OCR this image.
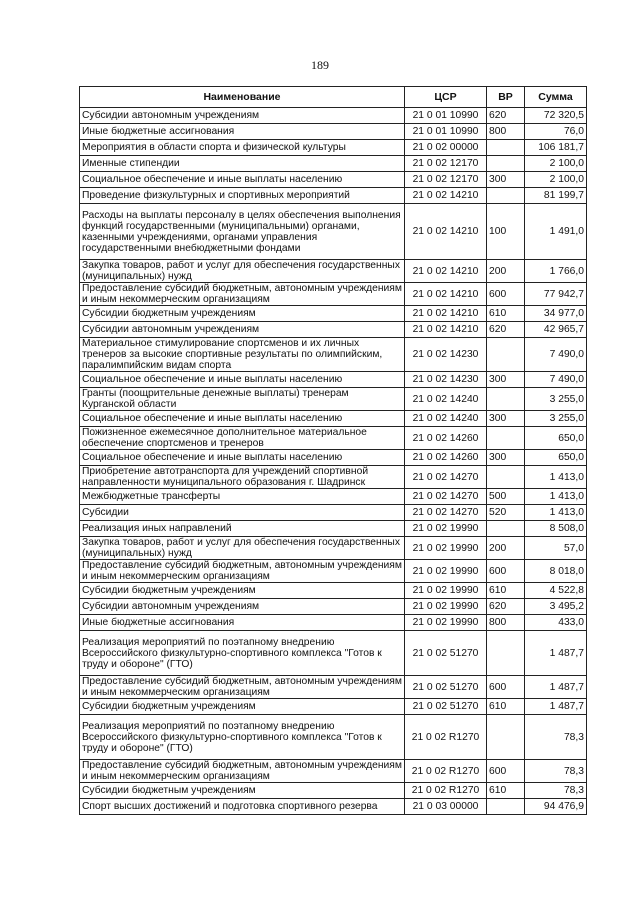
189
Наименование	ЦСР	ВР	Сумма
Субсидии автономным учреждениям	21 0 01 10990	620	72 320,5
Иные бюджетные ассигнования	21 0 01 10990	800	76,0
Мероприятия в области спорта и физической культуры	21 0 02 00000		106 181,7
Именные стипендии	21 0 02 12170		2 100,0
Социальное обеспечение и иные выплаты населению	21 0 02 12170	300	2 100,0
Проведение физкультурных и спортивных мероприятий	21 0 02 14210		81 199,7
Расходы на выплаты персоналу в целях обеспечения выполнения функций государственными (муниципальными) органами, казенными учреждениями, органами управления государственными внебюджетными фондами	21 0 02 14210	100	1 491,0
Закупка товаров, работ и услуг для обеспечения государственных (муниципальных) нужд	21 0 02 14210	200	1 766,0
Предоставление субсидий бюджетным, автономным учреждениям и иным некоммерческим организациям	21 0 02 14210	600	77 942,7
Субсидии бюджетным учреждениям	21 0 02 14210	610	34 977,0
Субсидии автономным учреждениям	21 0 02 14210	620	42 965,7
Материальное стимулирование спортсменов и их личных тренеров за высокие спортивные результаты по олимпийским, паралимпийским видам спорта	21 0 02 14230		7 490,0
Социальное обеспечение и иные выплаты населению	21 0 02 14230	300	7 490,0
Гранты (поощрительные денежные выплаты) тренерам Курганской области	21 0 02 14240		3 255,0
Социальное обеспечение и иные выплаты населению	21 0 02 14240	300	3 255,0
Пожизненное ежемесячное дополнительное материальное обеспечение спортсменов и тренеров	21 0 02 14260		650,0
Социальное обеспечение и иные выплаты населению	21 0 02 14260	300	650,0
Приобретение автотранспорта для учреждений спортивной направленности муниципального образования г. Шадринск	21 0 02 14270		1 413,0
Межбюджетные трансферты	21 0 02 14270	500	1 413,0
Субсидии	21 0 02 14270	520	1 413,0
Реализация иных направлений	21 0 02 19990		8 508,0
Закупка товаров, работ и услуг для обеспечения государственных (муниципальных) нужд	21 0 02 19990	200	57,0
Предоставление субсидий бюджетным, автономным учреждениям и иным некоммерческим организациям	21 0 02 19990	600	8 018,0
Субсидии бюджетным учреждениям	21 0 02 19990	610	4 522,8
Субсидии автономным учреждениям	21 0 02 19990	620	3 495,2
Иные бюджетные ассигнования	21 0 02 19990	800	433,0
Реализация мероприятий по поэтапному внедрению Всероссийского физкультурно-спортивного комплекса "Готов к труду и обороне" (ГТО)	21 0 02 51270		1 487,7
Предоставление субсидий бюджетным, автономным учреждениям и иным некоммерческим организациям	21 0 02 51270	600	1 487,7
Субсидии бюджетным учреждениям	21 0 02 51270	610	1 487,7
Реализация мероприятий по поэтапному внедрению Всероссийского физкультурно-спортивного комплекса "Готов к труду и обороне" (ГТО)	21 0 02 R1270		78,3
Предоставление субсидий бюджетным, автономным учреждениям и иным некоммерческим организациям	21 0 02 R1270	600	78,3
Субсидии бюджетным учреждениям	21 0 02 R1270	610	78,3
Спорт высших достижений и подготовка спортивного резерва	21 0 03 00000		94 476,9
